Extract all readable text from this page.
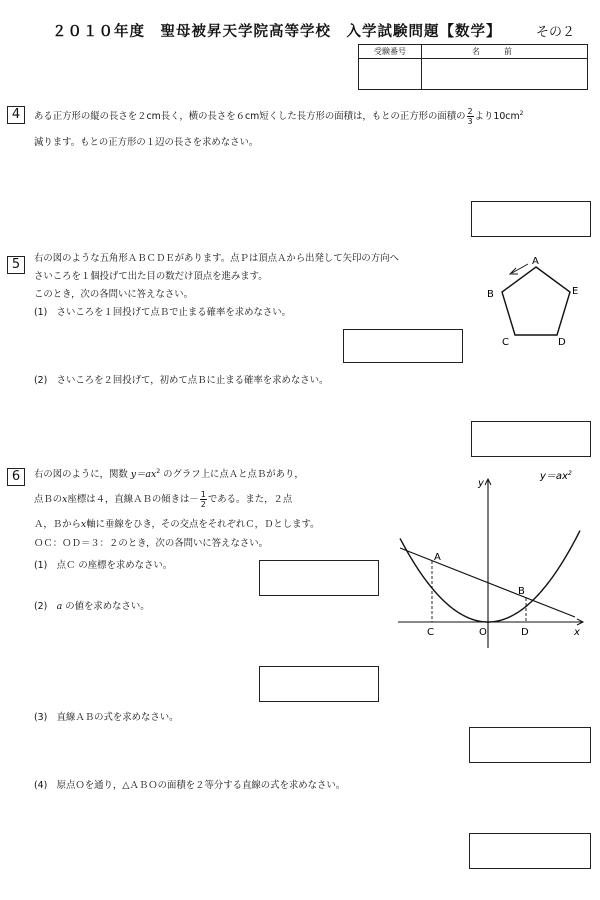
２０１０年度　聖母被昇天学院高等学校　入学試験問題【数学】	その２
受験番号	名前
4	ある正方形の縦の長さを２cm長く，横の長さを６cm短くした長方形の面積は，もとの正方形の面積の $\frac{2}{3}$ より$10cm^2$
減ります。もとの正方形の１辺の長さを求めなさい。
5	右の図のような五角形ＡＢＣＤＥがあります。点Ｐは頂点Ａから出発して矢印の方向へ
さいころを１個投げて出た目の数だけ頂点を進みます。
このとき，次の各問いに答えなさい。
(1)　さいころを１回投げて点Ｂで止まる確率を求めなさい。
(2)　さいころを２回投げて，初めて点Ｂに止まる確率を求めなさい。
A
B	E
C	D
6	右の図のように，関数 $y=ax^2$ のグラフ上に点Ａと点Ｂがあり，
点Ｂのx座標は４，直線ＡＢの傾きは－ $\frac{1}{2}$ である。また，２点
Ａ，Ｂからx軸に垂線をひき，その交点をそれぞれＣ，Ｄとします。
ＯＣ：ＯＤ＝３：２のとき，次の各問いに答えなさい。
(1)　点Ｃ の座標を求めなさい。
(2)　a の値を求めなさい。
(3)　直線ＡＢの式を求めなさい。
(4)　原点Ｏを通り，△ＡＢＯの面積を２等分する直線の式を求めなさい。
$y=ax^2$
y
x
A
B
C	D
O
